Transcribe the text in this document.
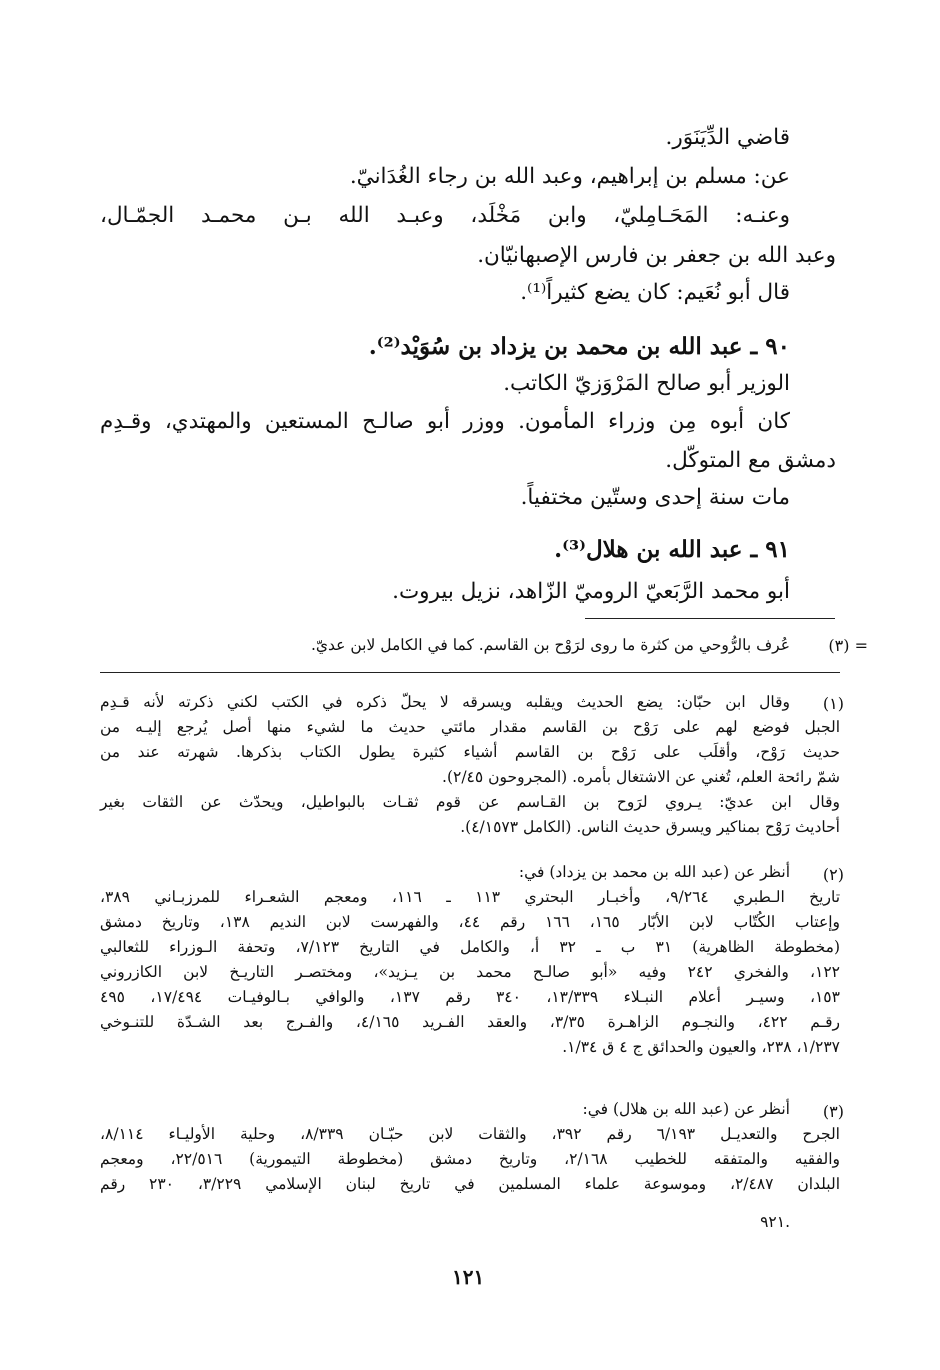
قاضي الدِّيَنَوَر.
عن: مسلم بن إبراهيم، وعبد الله بن رجاء الغُدَانيّ.
وعنـه: المَحَـامِليّ، وابن مَخْلَد، وعبـد الله بـن محمـد الجمّـال،
وعبد الله بن جعفر بن فارس الإصبهانيّان.
قال أبو نُعَيم: كان يضع كثيراً⁽¹⁾.
٩٠ ـ عبد الله بن محمد بن يزداد بن سُوَيْد⁽²⁾.
الوزير أبو صالح المَرْوَزيّ الكاتب.
كان أبوه مِن وزراء المأمون. ووزر أبو صالـح المستعين والمهتدي، وقـدِم
دمشق مع المتوكّل.
مات سنة إحدى وستّين مختفياً.
٩١ ـ عبد الله بن هلال⁽³⁾.
أبو محمد الرَّبَعيّ الروميّ الزّاهد، نزيل بيروت.
= (٣)
عُرف بالرُّوحي من كثرة ما روى لرَوْح بن القاسم. كما في الكامل لابن عديّ.
(١)
وقال ابن حبّان: يضع الحديث ويقلبه ويسرقه لا يحلّ ذكره في الكتب لكني ذكرته لأنه قـدِم
الجبل فوضع لهم على رَوْح بن القاسم مقدار مائتي حديث ما لشيء منها أصل يُرجع إليـه من
حديث رَوْح، وأقلَب على رَوْح بن القاسم أشياء كثيرة يطول الكتاب بذكرها. شهرته عند من
شمّ رائحة العلم، تُغني عن الاشتغال بأمره. (المجروحون ٢/٤٥).
وقال ابن عديّ: يـروي لرَوح بن القـاسم عن قوم ثقـات بالبواطيل، ويحدّث عن الثقات بغير
أحاديث رَوْح بمناكير ويسرق حديث الناس. (الكامل ٤/١٥٧٣).
(٢)
أنظر عن (عبد الله بن محمد بن يزداد) في:
تاريخ الـطبري ٩/٢٦٤، وأخبـار البحتري ١١٣ ـ ١١٦، ومعجم الشعـراء للمرزبـاني ٣٨٩،
وإعتاب الكُتّاب لابن الأبّار ١٦٥، ١٦٦ رقم ٤٤، والفهرست لابن النديم ١٣٨، وتاريخ دمشق
(مخطوطة الظاهرية) ٣١ ب ـ ٣٢ أ، والكامل في التاريخ ٧/١٢٣، وتحفة الـوزراء للثعالبي
١٢٢، والفخري ٢٤٢ وفيه «أبو صالـح محمد بن يـزيد»، ومختصـر التاريـخ لابن الكازروني
١٥٣، وسيـر أعلام النبـلاء ١٣/٣٣٩، ٣٤٠ رقم ١٣٧، والوافي بـالوفيـات ١٧/٤٩٤، ٤٩٥
رقـم ٤٢٢، والنجـوم الزاهـرة ٣/٣٥، والعقد الفـريد ٤/١٦٥، والفـرج بعد الشـدّة للتنـوخي
١/٢٣٧، ٢٣٨، والعيون والحدائق ج ٤ ق ١/٣٤.
(٣)
أنظر عن (عبد الله بن هلال) في:
الجرح والتعديـل ٦/١٩٣ رقم ٣٩٢، والثقات لابن حبّـان ٨/٣٣٩، وحلية الأوليـاء ٨/١١٤،
والفقيه والمتفقه للخطيب ٢/١٦٨، وتاريخ دمشق (مخطوطة التيمورية) ٢٢/٥١٦، ومعجم
البلدان ٢/٤٨٧، وموسوعة علماء المسلمين في تاريخ لبنان الإسلامي ٣/٢٢٩، ٢٣٠ رقم
٩٢١.
١٢١
